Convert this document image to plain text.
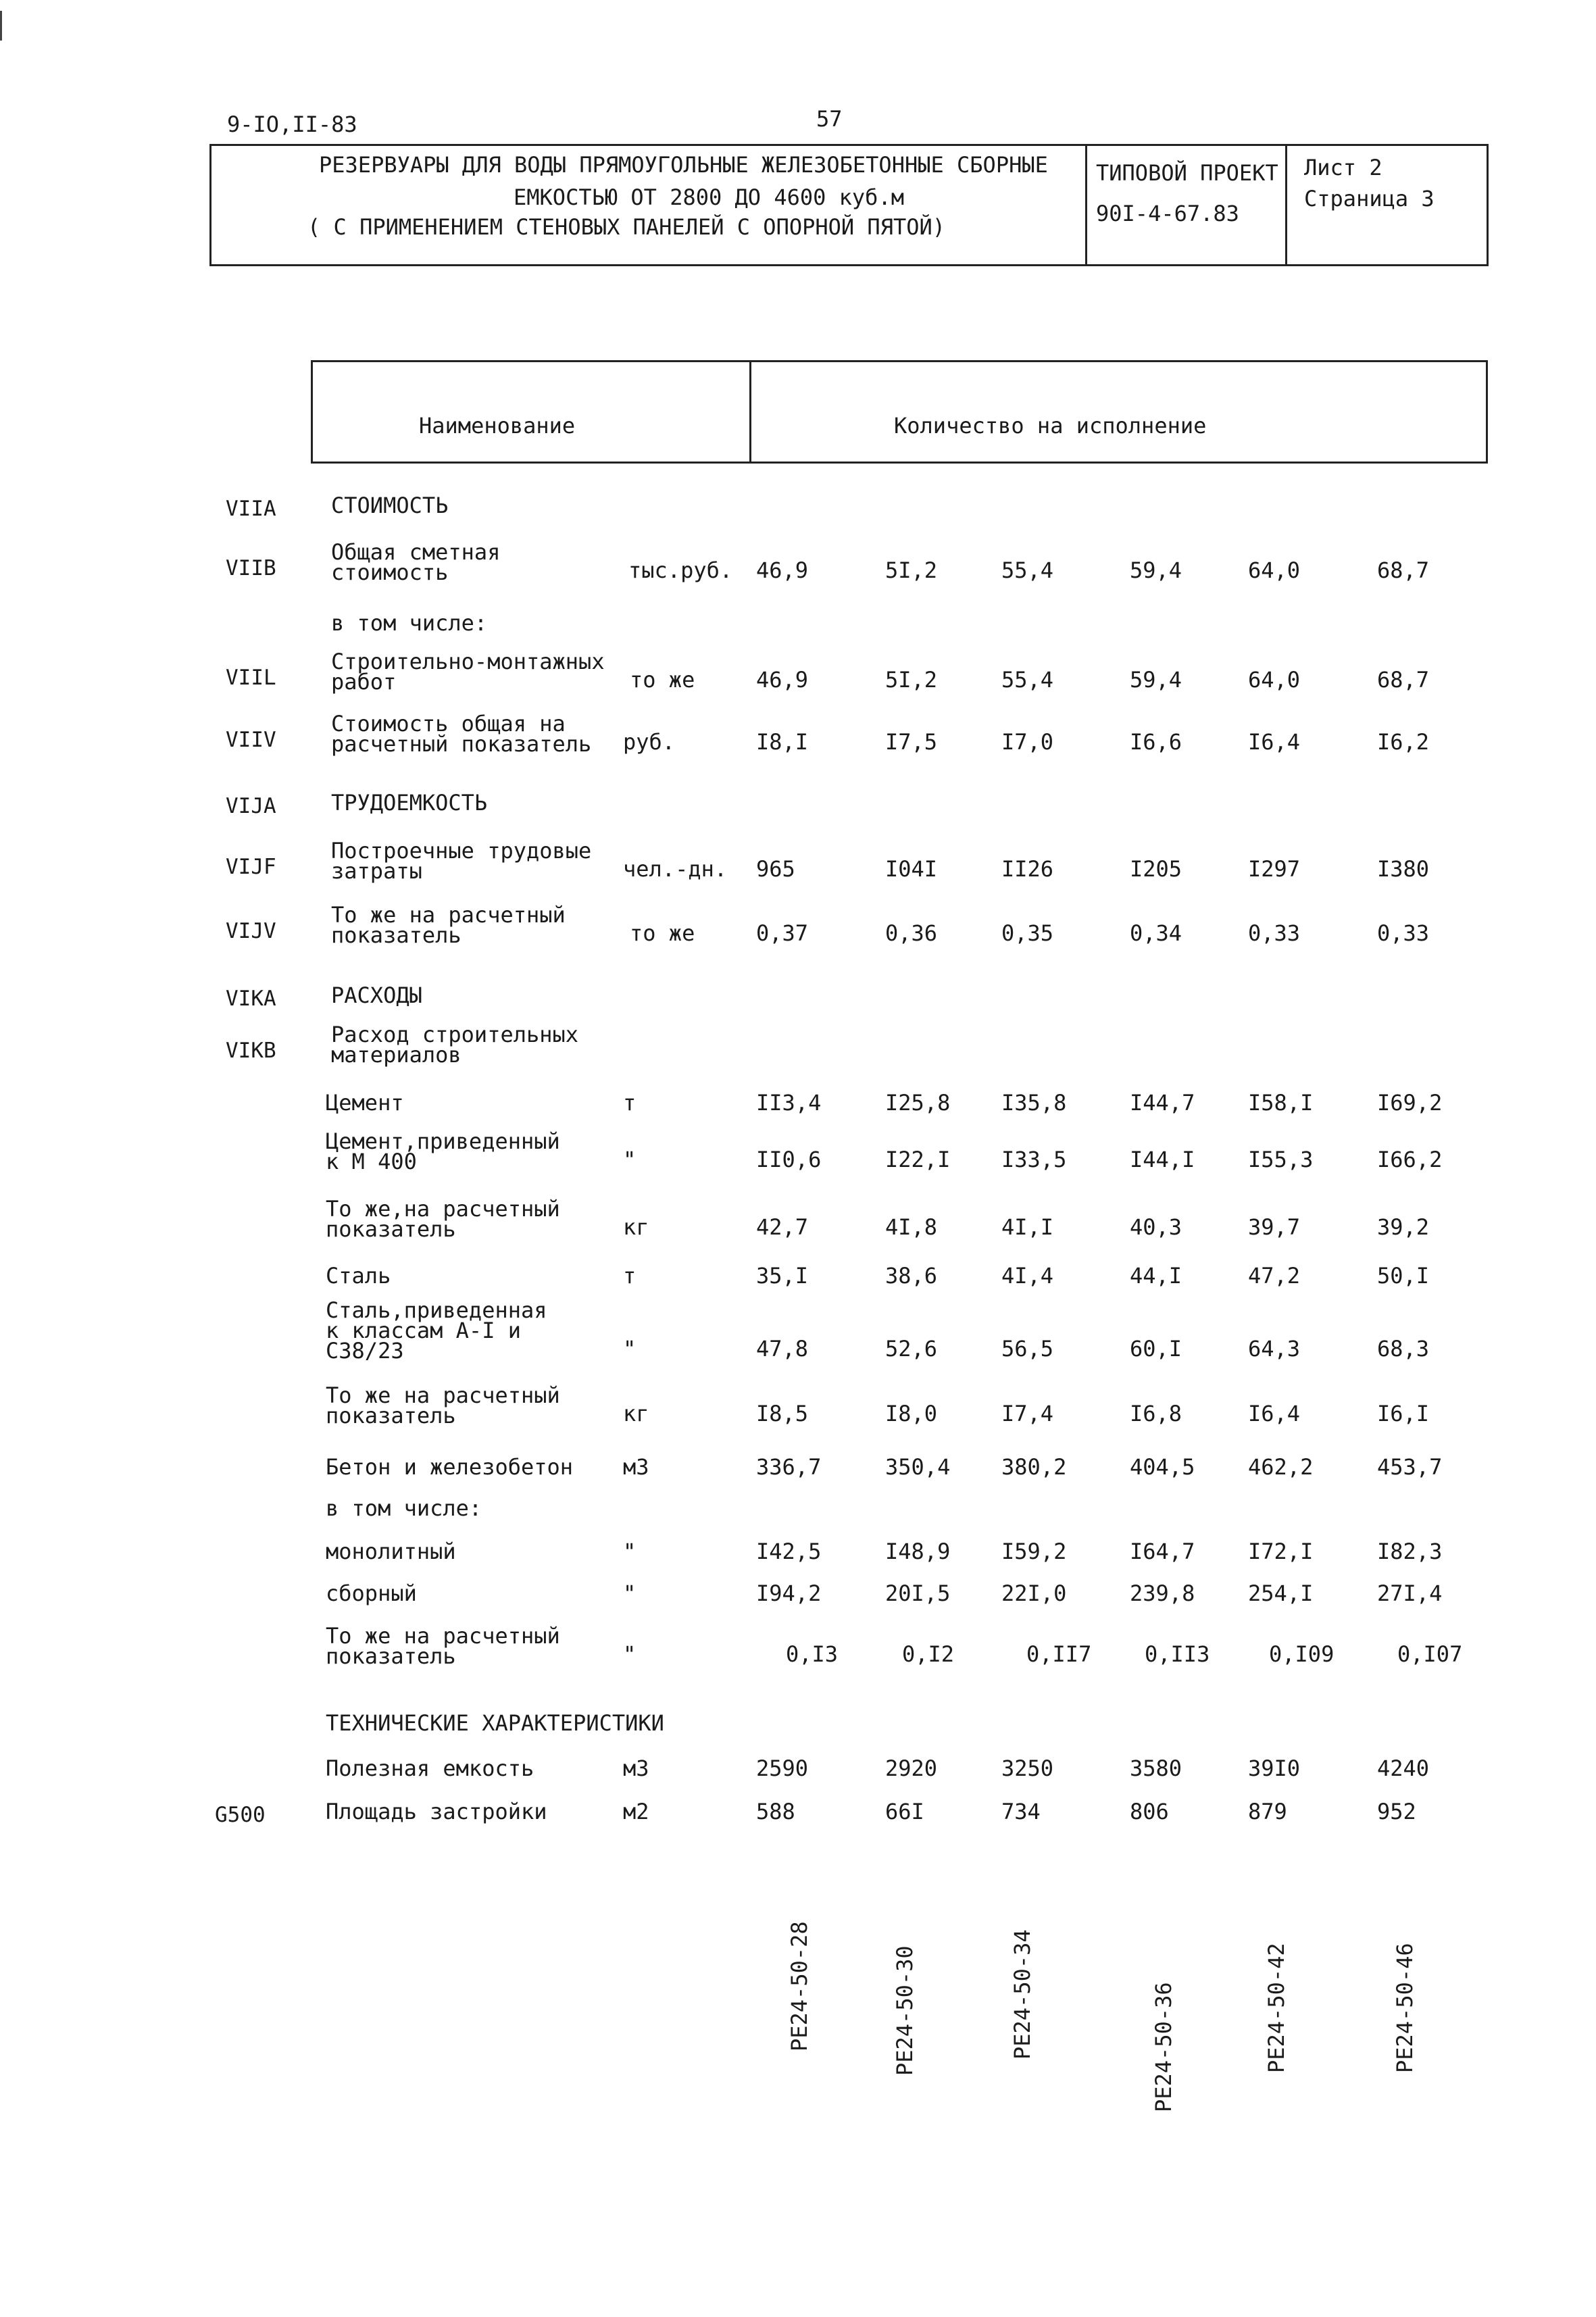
9-IO,II-83	57
РЕЗЕРВУАРЫ ДЛЯ ВОДЫ ПРЯМОУГОЛЬНЫЕ ЖЕЛЕЗОБЕТОННЫЕ СБОРНЫЕ
ЕМКОСТЬЮ ОТ 2800 ДО 4600 куб.м
( С ПРИМЕНЕНИЕМ СТЕНОВЫХ ПАНЕЛЕЙ С ОПОРНОЙ ПЯТОЙ)
ТИПОВОЙ ПРОЕКТ
90I-4-67.83
Лист 2
Страница 3
Наименование	Количество на исполнение
VIIA	СТОИМОСТЬ
VIIB
Общая сметная
стоимость	тыс.руб. 46,9	5I,2	55,4	59,4	64,0	68,7
в том числе:
VIIL
Строительно-монтажных
работ	то же	46,9	5I,2	55,4	59,4	64,0	68,7
VIIV
Стоимость общая на
расчетный показатель руб.	I8,I	I7,5	I7,0	I6,6	I6,4	I6,2
VIJA	ТРУДОЕМКОСТЬ
VIJF
Построечные трудовые
затраты	чел.-дн. 965	I04I	II26	I205	I297	I380
VIJV
То же на расчетный
показатель	то же	0,37	0,36	0,35	0,34	0,33	0,33
VIKA	РАСХОДЫ
VIKB
Расход строительных
материалов
Цемент	т	II3,4	I25,8 I35,8	I44,7 I58,I	I69,2
Цемент,приведенный
к М 400	"	II0,6	I22,I I33,5	I44,I I55,3	I66,2
То же,на расчетный
показатель	кг	42,7	4I,8	4I,I	40,3	39,7	39,2
Сталь	т	35,I	38,6	4I,4	44,I	47,2	50,I
Сталь,приведенная
к классам А-I и
С38/23	"	47,8	52,6	56,5	60,I	64,3	68,3
То же на расчетный
показатель	кг	I8,5	I8,0	I7,4	I6,8	I6,4	I6,I
Бетон и железобетон м3	336,7	350,4 380,2	404,5 462,2	453,7
в том числе:
монолитный	"	I42,5	I48,9 I59,2	I64,7 I72,I	I82,3
сборный	"	I94,2	20I,5 22I,0	239,8 254,I	27I,4
То же на расчетный
показатель	"	0,I3	0,I2	0,II7 0,II3	0,I09	0,I07
ТЕХНИЧЕСКИЕ ХАРАКТЕРИСТИКИ
Полезная емкость	м3	2590	2920	3250	3580	39I0	4240
G500	Площадь застройки	м2	588	66I	734	806	879	952
РЕ24-50-28	РЕ24-50-30	РЕ24-50-34	РЕ24-50-36	РЕ24-50-42	РЕ24-50-46
